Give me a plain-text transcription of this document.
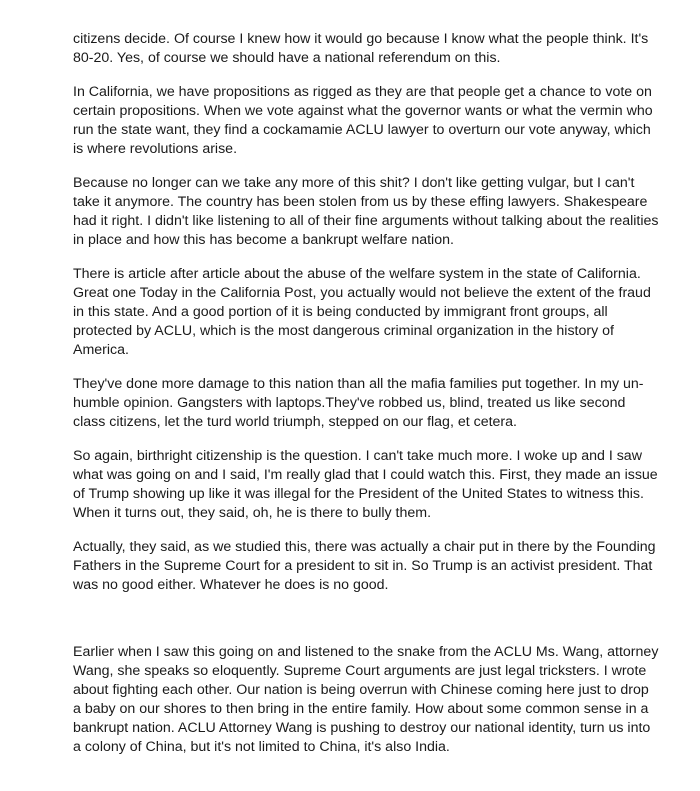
citizens decide. Of course I knew how it would go because I know what the people think. It's 80-20. Yes, of course we should have a national referendum on this.

In California, we have propositions as rigged as they are that people get a chance to vote on certain propositions. When we vote against what the governor wants or what the vermin who run the state want, they find a cockamamie ACLU lawyer to overturn our vote anyway, which is where revolutions arise.

Because no longer can we take any more of this shit? I don't like getting vulgar, but I can't take it anymore. The country has been stolen from us by these effing lawyers. Shakespeare had it right. I didn't like listening to all of their fine arguments without talking about the realities in place and how this has become a bankrupt welfare nation.

There is article after article about the abuse of the welfare system in the state of California. Great one Today in the California Post, you actually would not believe the extent of the fraud in this state. And a good portion of it is being conducted by immigrant front groups, all protected by ACLU, which is the most dangerous criminal organization in the history of America.

They've done more damage to this nation than all the mafia families put together. In my un-humble opinion. Gangsters with laptops.They've robbed us, blind, treated us like second class citizens, let the turd world triumph, stepped on our flag, et cetera.

So again, birthright citizenship is the question. I can't take much more. I woke up and I saw what was going on and I said, I'm really glad that I could watch this. First, they made an issue of Trump showing up like it was illegal for the President of the United States to witness this. When it turns out, they said, oh, he is there to bully them.

Actually, they said, as we studied this, there was actually a chair put in there by the Founding Fathers in the Supreme Court for a president to sit in. So Trump is an activist president. That was no good either. Whatever he does is no good.

Earlier when I saw this going on and listened to the snake from the ACLU Ms. Wang, attorney Wang, she speaks so eloquently. Supreme Court arguments are just legal tricksters. I wrote about fighting each other. Our nation is being overrun with Chinese coming here just to drop a baby on our shores to then bring in the entire family. How about some common sense in a bankrupt nation. ACLU Attorney Wang is pushing to destroy our national identity, turn us into a colony of China, but it's not limited to China, it's also India.
